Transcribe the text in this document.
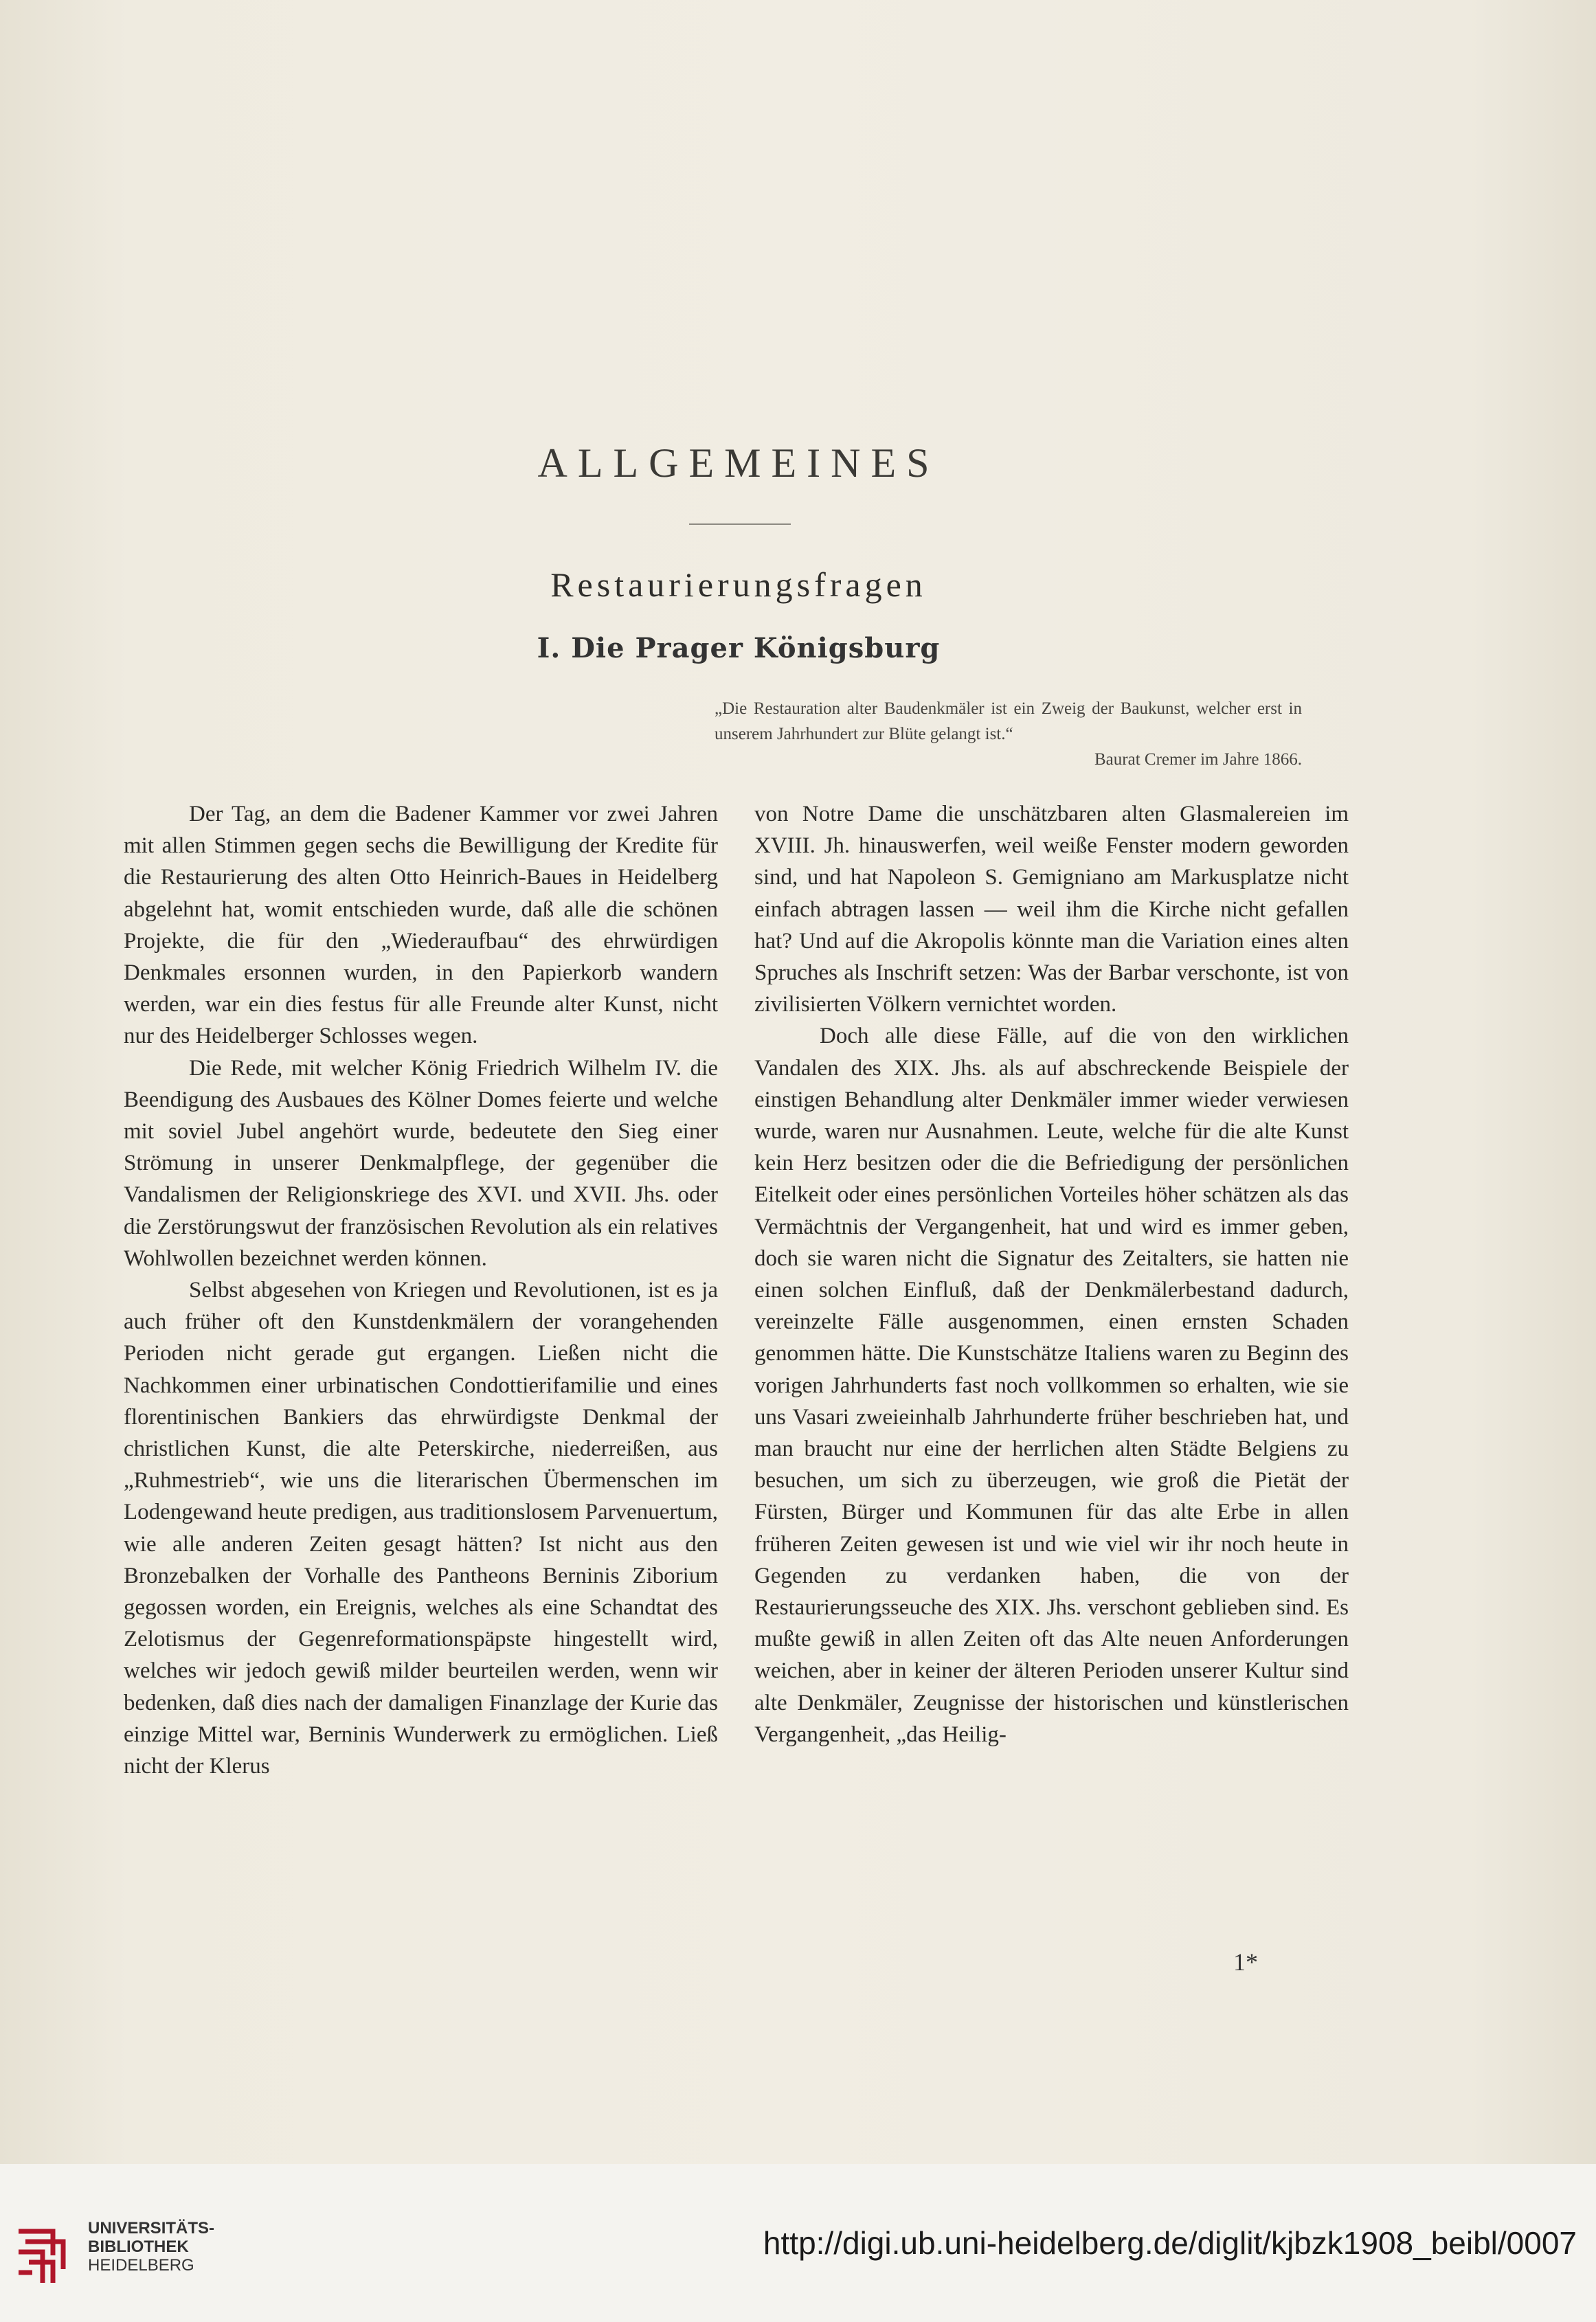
ALLGEMEINES
Restaurierungsfragen
I. Die Prager Königsburg
„Die Restauration alter Baudenkmäler ist ein Zweig der Baukunst, welcher erst in unserem Jahrhundert zur Blüte gelangt ist.“
Baurat Cremer im Jahre 1866.

Der Tag, an dem die Badener Kammer vor zwei Jahren mit allen Stimmen gegen sechs die Bewilligung der Kredite für die Restaurierung des alten Otto Heinrich-Baues in Heidelberg abgelehnt hat, womit entschieden wurde, daß alle die schönen Projekte, die für den „Wiederaufbau“ des ehrwürdigen Denkmales ersonnen wurden, in den Papierkorb wandern werden, war ein dies festus für alle Freunde alter Kunst, nicht nur des Heidelberger Schlosses wegen.

Die Rede, mit welcher König Friedrich Wilhelm IV. die Beendigung des Ausbaues des Kölner Domes feierte und welche mit soviel Jubel angehört wurde, bedeutete den Sieg einer Strömung in unserer Denkmalpflege, der gegenüber die Vandalismen der Religionskriege des XVI. und XVII. Jhs. oder die Zerstörungswut der französischen Revolution als ein relatives Wohlwollen bezeichnet werden können.

Selbst abgesehen von Kriegen und Revolutionen, ist es ja auch früher oft den Kunstdenkmälern der vorangehenden Perioden nicht gerade gut ergangen. Ließen nicht die Nachkommen einer urbinatischen Condottierifamilie und eines florentinischen Bankiers das ehrwürdigste Denkmal der christlichen Kunst, die alte Peterskirche, niederreißen, aus „Ruhmestrieb“, wie uns die literarischen Übermenschen im Lodengewand heute predigen, aus traditionslosem Parvenuertum, wie alle anderen Zeiten gesagt hätten? Ist nicht aus den Bronzebalken der Vorhalle des Pantheons Berninis Ziborium gegossen worden, ein Ereignis, welches als eine Schandtat des Zelotismus der Gegenreformationspäpste hingestellt wird, welches wir jedoch gewiß milder beurteilen werden, wenn wir bedenken, daß dies nach der damaligen Finanzlage der Kurie das einzige Mittel war, Berninis Wunderwerk zu ermöglichen. Ließ nicht der Klerus

von Notre Dame die unschätzbaren alten Glasmalereien im XVIII. Jh. hinauswerfen, weil weiße Fenster modern geworden sind, und hat Napoleon S. Gemigniano am Markusplatze nicht einfach abtragen lassen — weil ihm die Kirche nicht gefallen hat? Und auf die Akropolis könnte man die Variation eines alten Spruches als Inschrift setzen: Was der Barbar verschonte, ist von zivilisierten Völkern vernichtet worden.

Doch alle diese Fälle, auf die von den wirklichen Vandalen des XIX. Jhs. als auf abschreckende Beispiele der einstigen Behandlung alter Denkmäler immer wieder verwiesen wurde, waren nur Ausnahmen. Leute, welche für die alte Kunst kein Herz besitzen oder die die Befriedigung der persönlichen Eitelkeit oder eines persönlichen Vorteiles höher schätzen als das Vermächtnis der Vergangenheit, hat und wird es immer geben, doch sie waren nicht die Signatur des Zeitalters, sie hatten nie einen solchen Einfluß, daß der Denkmälerbestand dadurch, vereinzelte Fälle ausgenommen, einen ernsten Schaden genommen hätte. Die Kunstschätze Italiens waren zu Beginn des vorigen Jahrhunderts fast noch vollkommen so erhalten, wie sie uns Vasari zweieinhalb Jahrhunderte früher beschrieben hat, und man braucht nur eine der herrlichen alten Städte Belgiens zu besuchen, um sich zu überzeugen, wie groß die Pietät der Fürsten, Bürger und Kommunen für das alte Erbe in allen früheren Zeiten gewesen ist und wie viel wir ihr noch heute in Gegenden zu verdanken haben, die von der Restaurierungsseuche des XIX. Jhs. verschont geblieben sind. Es mußte gewiß in allen Zeiten oft das Alte neuen Anforderungen weichen, aber in keiner der älteren Perioden unserer Kultur sind alte Denkmäler, Zeugnisse der historischen und künstlerischen Vergangenheit, „das Heilig-

1*
UNIVERSITÄTS-
BIBLIOTHEK
HEIDELBERG
http://digi.ub.uni-heidelberg.de/diglit/kjbzk1908_beibl/0007
